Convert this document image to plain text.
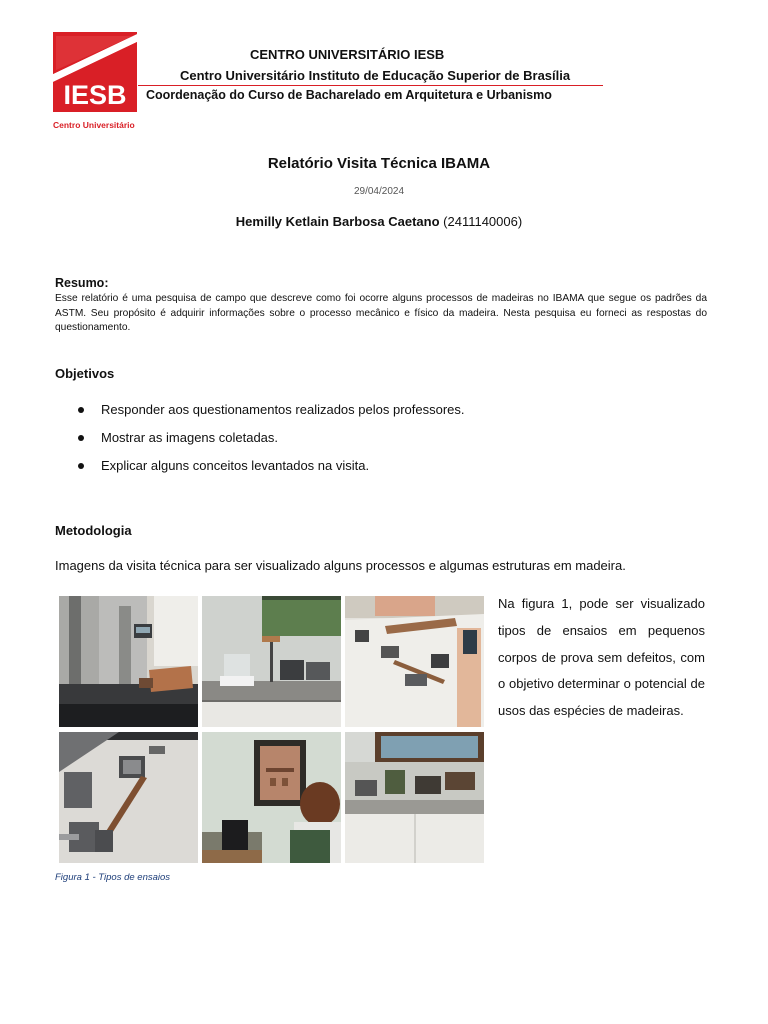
IESB
Centro Universitário
CENTRO UNIVERSITÁRIO IESB
Centro Universitário Instituto de Educação Superior de Brasília
Coordenação do Curso de Bacharelado em Arquitetura e Urbanismo
Relatório Visita Técnica IBAMA
29/04/2024
Hemilly Ketlain Barbosa Caetano (2411140006)
Resumo:
Esse relatório é uma pesquisa de campo que descreve como foi ocorre alguns processos de madeiras no IBAMA que segue os padrões da ASTM. Seu propósito é adquirir informações sobre o processo mecânico e físico da madeira. Nesta pesquisa eu forneci as respostas do questionamento.
Objetivos
Responder aos questionamentos realizados pelos professores.
Mostrar as imagens coletadas.
Explicar alguns conceitos levantados na visita.
Metodologia
Imagens da visita técnica para ser visualizado alguns processos e algumas estruturas em madeira.
Na figura 1, pode ser visualizado tipos de ensaios em pequenos corpos de prova sem defeitos, com o objetivo determinar o potencial de usos das espécies de madeiras.
Figura 1 - Tipos de ensaios
